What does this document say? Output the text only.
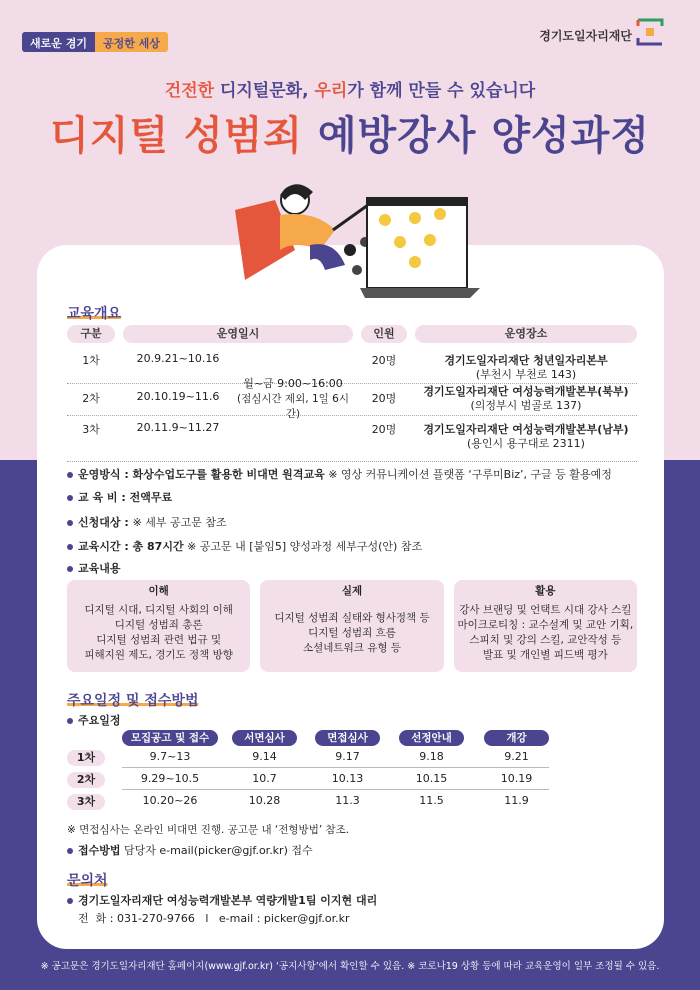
새로운 경기	공정한 세상
경기도일자리재단
건전한 디지털문화, 우리가 함께 만들 수 있습니다
디지털 성범죄 예방강사 양성과정
교육개요
구분	운영일시	인원	운영장소
1차	20.9.21~10.16	20명	경기도일자리재단 청년일자리본부
(부천시 부천로 143)
2차	20.10.19~11.6	20명
경기도일자리재단 여성능력개발본부(북부)
(의정부시 범골로 137)
3차	20.11.9~11.27	20명	경기도일자리재단 여성능력개발본부(남부)
(용인시 용구대로 2311)
월~금 9:00~16:00
(점심시간 제외, 1일 6시간)
운영방식 : 화상수업도구를 활용한 비대면 원격교육 ※ 영상 커뮤니케이션 플랫폼 ‘구루미Biz’, 구글 등 활용예정
교 육 비 : 전액무료
신청대상 : ※ 세부 공고문 참조
교육시간 : 총 87시간 ※ 공고문 내 [붙임5] 양성과정 세부구성(안) 참조
교육내용
이해
디지털 시대, 디지털 사회의 이해
디지털 성범죄 총론
디지털 성범죄 관련 법규 및
피해지원 제도, 경기도 정책 방향
실제
디지털 성범죄 실태와 형사정책 등
디지털 성범죄 흐름
소셜네트워크 유형 등
활용
강사 브랜딩 및 언택트 시대 강사 스킬
마이크로티칭 : 교수설계 및 교안 기획,
스피치 및 강의 스킬, 교안작성 등
발표 및 개인별 피드백 평가
주요일정 및 접수방법
주요일정
모집공고 및 접수	서면심사	면접심사	선정안내	개강
1차	9.7~13	9.14	9.17	9.18	9.21
2차	9.29~10.5	10.7	10.13	10.15	10.19
3차	10.20~26	10.28	11.3	11.5	11.9
※ 면접심사는 온라인 비대면 진행. 공고문 내 ‘전형방법’ 참조.
접수방법 담당자 e-mail(picker@gjf.or.kr) 접수
문의처
경기도일자리재단 여성능력개발본부 역량개발1팀 이지현 대리
전  화 : 031-270-9766   l   e-mail : picker@gjf.or.kr
※ 공고문은 경기도일자리재단 홈페이지(www.gjf.or.kr) ‘공지사항’에서 확인할 수 있음. ※ 코로나19 상황 등에 따라 교육운영이 일부 조정될 수 있음.
